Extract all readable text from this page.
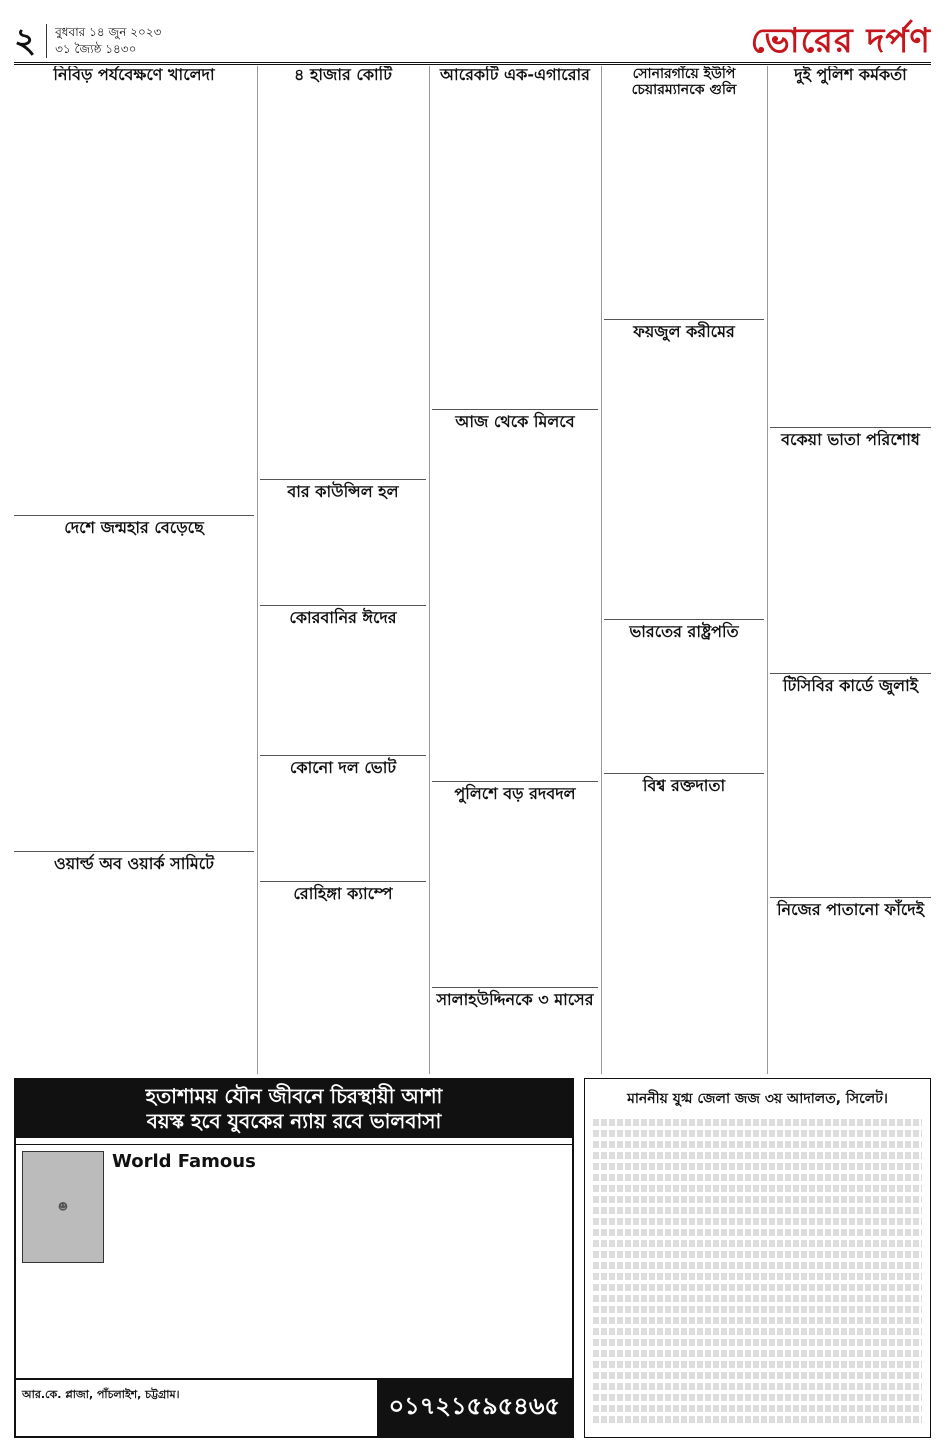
২ বুধবার ১৪ জুন ২০২৩
৩১ জ্যৈষ্ঠ ১৪৩০	ভোরের দর্পণ
নিবিড় পর্যবেক্ষণে খালেদা
দেশে জন্মহার বেড়েছে
ওয়ার্ল্ড অব ওয়ার্ক সামিটে
৪ হাজার কোটি
বার কাউন্সিল হল
কোরবানির ঈদের
কোনো দল ভোট
রোহিঙ্গা ক্যাম্পে
আরেকটি এক-এগারোর
আজ থেকে মিলবে
পুলিশে বড় রদবদল
সালাহউদ্দিনকে ৩ মাসের
সোনারগাঁয়ে ইউপি চেয়ারম্যানকে গুলি
ফয়জুল করীমের
ভারতের রাষ্ট্রপতি
বিশ্ব রক্তদাতা
দুই পুলিশ কর্মকর্তা
বকেয়া ভাতা পরিশোধ
টিসিবির কার্ডে জুলাই
নিজের পাতানো ফাঁদেই
হতাশাময় যৌন জীবনে চিরস্থায়ী আশা
বয়স্ক হবে যুবকের ন্যায় রবে ভালবাসা
☻
World Famous
আর.কে. প্লাজা, পাঁচলাইশ, চট্টগ্রাম।	০১৭২১৫৯৫৪৬৫
মাননীয় যুগ্ম জেলা জজ ৩য় আদালত, সিলেট।
